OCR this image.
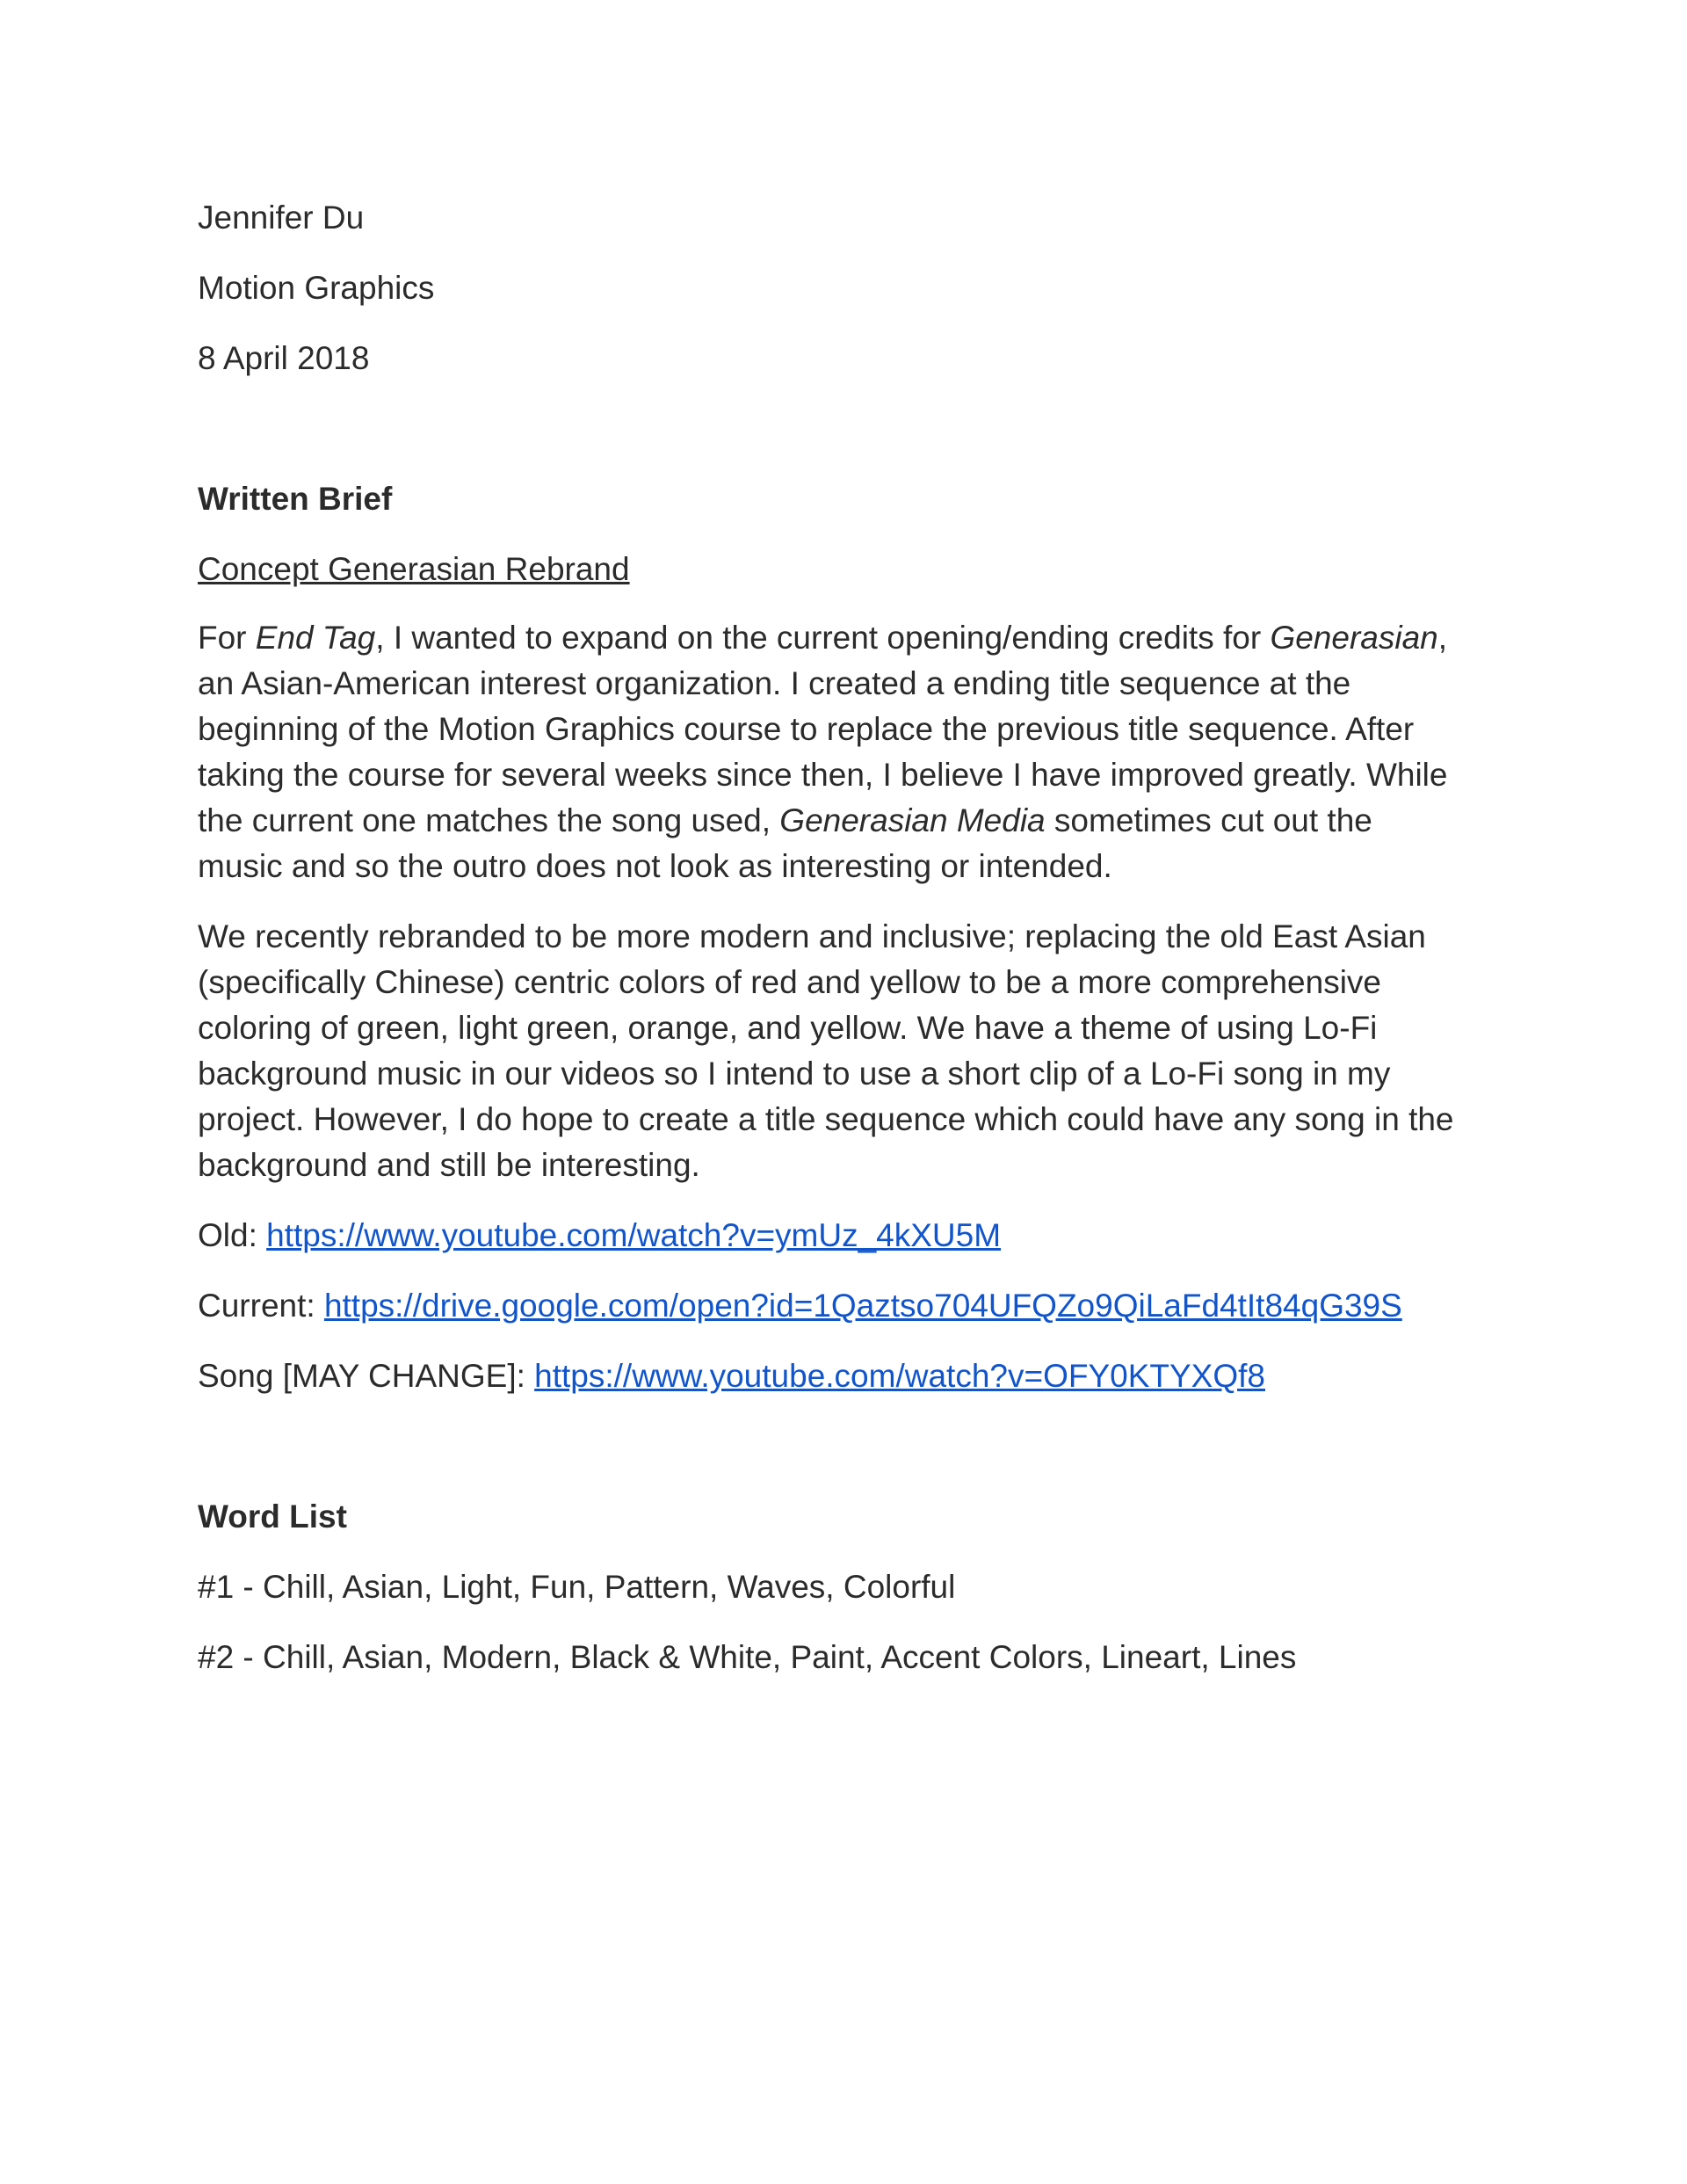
Jennifer Du

Motion Graphics

8 April 2018

Written Brief

Concept Generasian Rebrand

For End Tag, I wanted to expand on the current opening/ending credits for Generasian,
an Asian-American interest organization. I created a ending title sequence at the
beginning of the Motion Graphics course to replace the previous title sequence. After
taking the course for several weeks since then, I believe I have improved greatly. While
the current one matches the song used, Generasian Media sometimes cut out the
music and so the outro does not look as interesting or intended.
We recently rebranded to be more modern and inclusive; replacing the old East Asian
(specifically Chinese) centric colors of red and yellow to be a more comprehensive
coloring of green, light green, orange, and yellow. We have a theme of using Lo-Fi
background music in our videos so I intend to use a short clip of a Lo-Fi song in my
project. However, I do hope to create a title sequence which could have any song in the
background and still be interesting.

Old: https://www.youtube.com/watch?v=ymUz_4kXU5M

Current: https://drive.google.com/open?id=1Qaztso704UFQZo9QiLaFd4tIt84qG39S

Song [MAY CHANGE]: https://www.youtube.com/watch?v=OFY0KTYXQf8

Word List

#1 - Chill, Asian, Light, Fun, Pattern, Waves, Colorful

#2 - Chill, Asian, Modern, Black & White, Paint, Accent Colors, Lineart, Lines
